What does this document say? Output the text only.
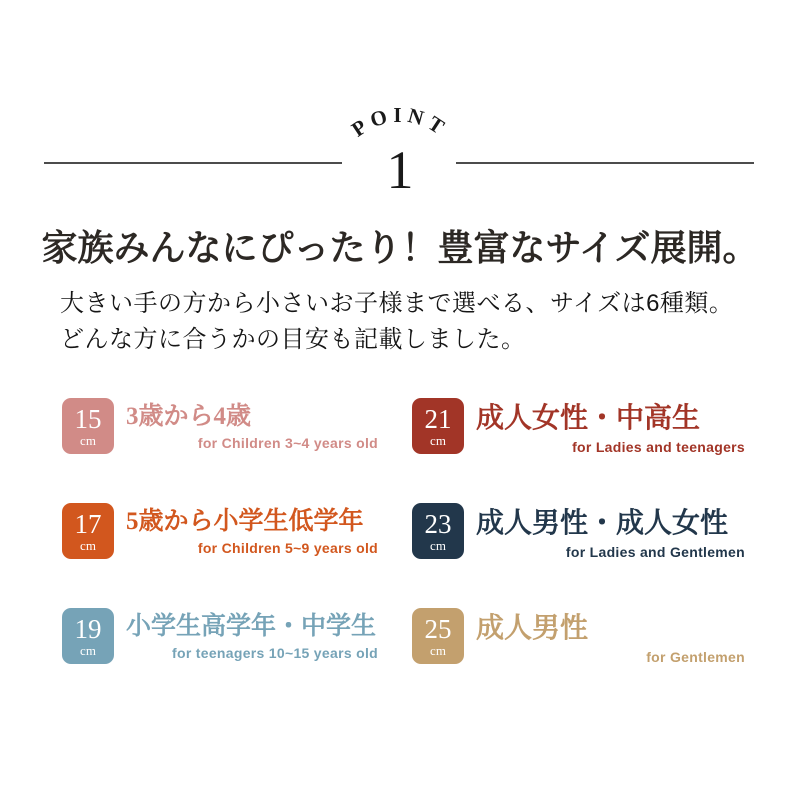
POINT
1
家族みんなにぴったり！豊富なサイズ展開。
大きい手の方から小さいお子様まで選べる、サイズは6種類。
どんな方に合うかの目安も記載しました。
15
cm
3歳から4歳
for Children 3~4 years old
17
cm
5歳から小学生低学年
for Children 5~9 years old
19
cm
小学生高学年・中学生
for teenagers 10~15 years old
21
cm
成人女性・中高生
for Ladies and teenagers
23
cm
成人男性・成人女性
for Ladies and Gentlemen
25
cm
成人男性
for Gentlemen
